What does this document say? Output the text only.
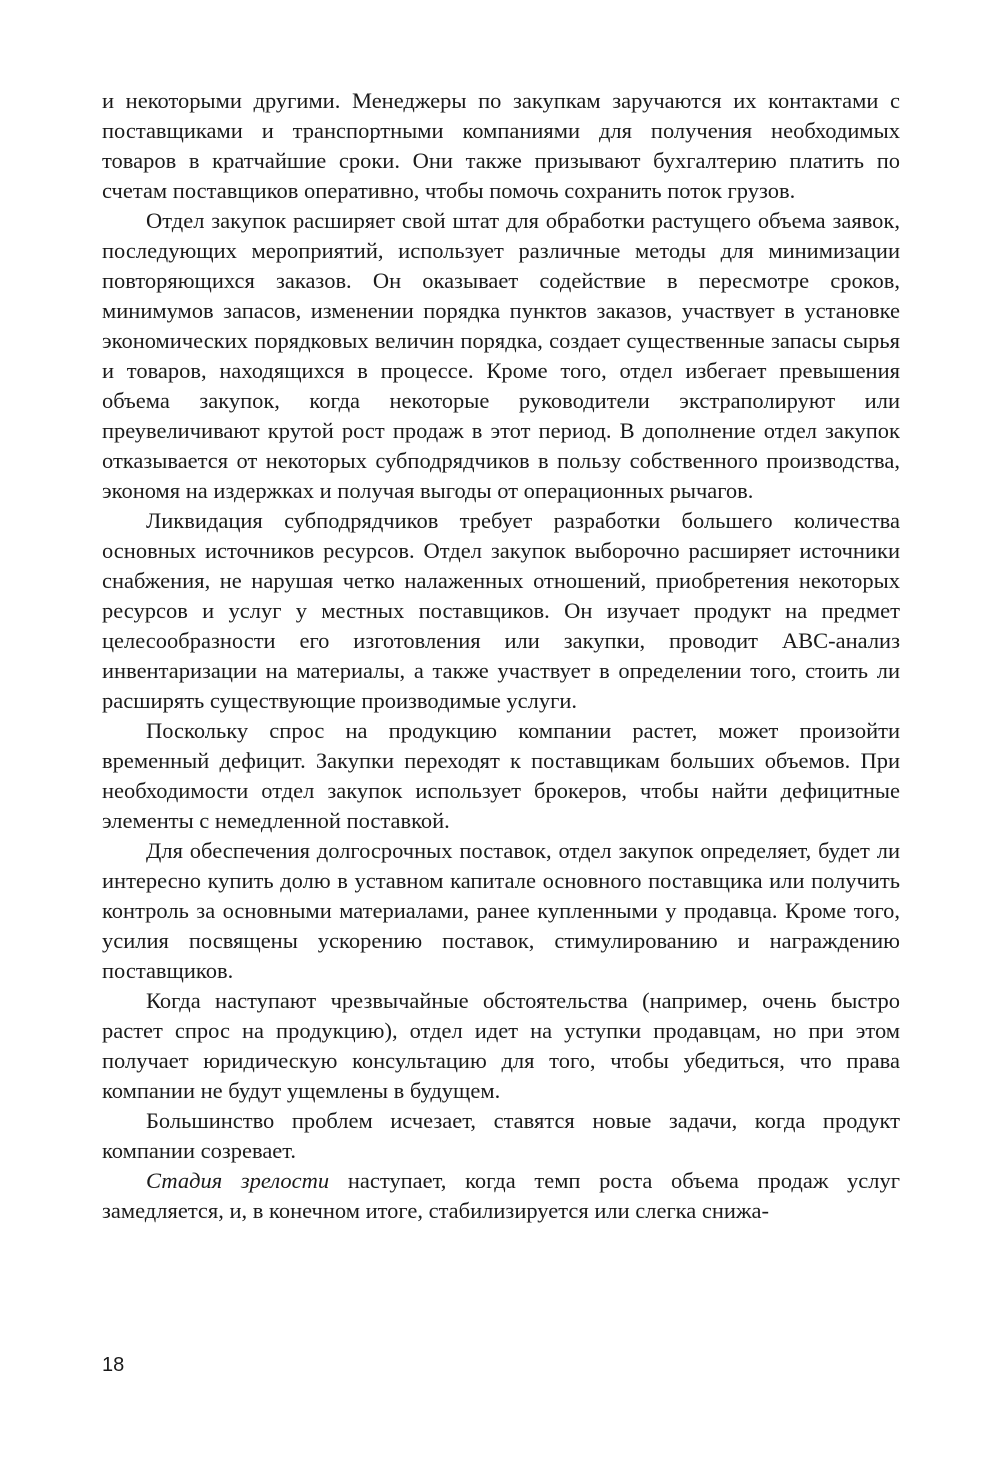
и некоторыми другими. Менеджеры по закупкам заручаются их контактами с поставщиками и транспортными компаниями для получения необходимых товаров в кратчайшие сроки. Они также призывают бухгалтерию платить по счетам поставщиков оперативно, чтобы помочь сохранить поток грузов.

Отдел закупок расширяет свой штат для обработки растущего объема заявок, последующих мероприятий, использует различные методы для минимизации повторяющихся заказов. Он оказывает содействие в пересмотре сроков, минимумов запасов, изменении порядка пунктов заказов, участвует в установке экономических порядковых величин порядка, создает существенные запасы сырья и товаров, находящихся в процессе. Кроме того, отдел избегает превышения объема закупок, когда некоторые руководители экстраполируют или преувеличивают крутой рост продаж в этот период. В дополнение отдел закупок отказывается от некоторых субподрядчиков в пользу собственного производства, экономя на издержках и получая выгоды от операционных рычагов.

Ликвидация субподрядчиков требует разработки большего количества основных источников ресурсов. Отдел закупок выборочно расширяет источники снабжения, не нарушая четко налаженных отношений, приобретения некоторых ресурсов и услуг у местных поставщиков. Он изучает продукт на предмет целесообразности его изготовления или закупки, проводит ABC-анализ инвентаризации на материалы, а также участвует в определении того, стоить ли расширять существующие производимые услуги.

Поскольку спрос на продукцию компании растет, может произойти временный дефицит. Закупки переходят к поставщикам больших объемов. При необходимости отдел закупок использует брокеров, чтобы найти дефицитные элементы с немедленной поставкой.

Для обеспечения долгосрочных поставок, отдел закупок определяет, будет ли интересно купить долю в уставном капитале основного поставщика или получить контроль за основными материалами, ранее купленными у продавца. Кроме того, усилия посвящены ускорению поставок, стимулированию и награждению поставщиков.

Когда наступают чрезвычайные обстоятельства (например, очень быстро растет спрос на продукцию), отдел идет на уступки продавцам, но при этом получает юридическую консультацию для того, чтобы убедиться, что права компании не будут ущемлены в будущем.

Большинство проблем исчезает, ставятся новые задачи, когда продукт компании созревает.

Стадия зрелости наступает, когда темп роста объема продаж услуг замедляется, и, в конечном итоге, стабилизируется или слегка снижа-

18
